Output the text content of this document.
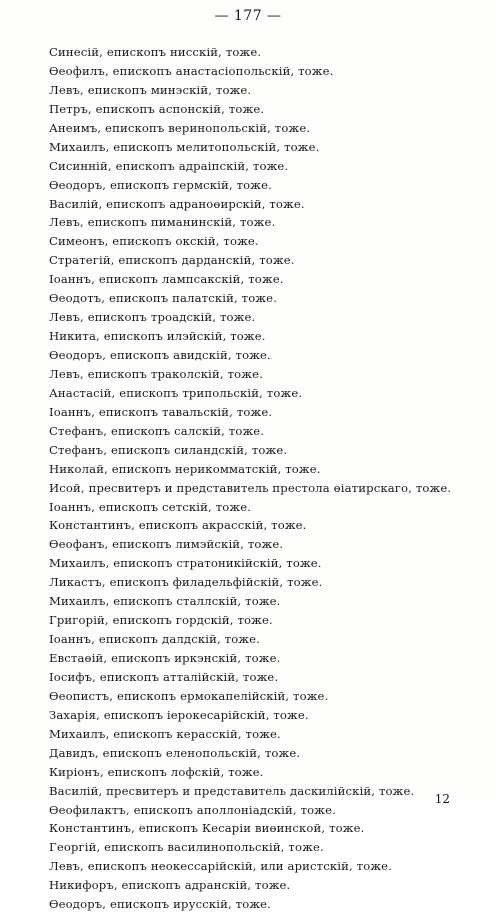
— 177 —
Синесій, епископъ нисскій, тоже.
Өеофилъ, епископъ анастасіопольскій, тоже.
Левъ, епископъ минэскій, тоже.
Петръ, епископъ аспонскій, тоже.
Анеимъ, епископъ веринопольскій, тоже.
Михаилъ, епископъ мелитопольскій, тоже.
Сисинній, епископъ адраіпскій, тоже.
Өеодоръ, епископъ гермскій, тоже.
Василій, епископъ адраноөирскій, тоже.
Левъ, епископъ пиманинскій, тоже.
Симеонъ, епископъ окскій, тоже.
Стратегій, епископъ дарданскій, тоже.
Іоаннъ, епископъ лампсакскій, тоже.
Өеодотъ, епископъ палатскій, тоже.
Левъ, епископъ троадскій, тоже.
Никита, епископъ илэйскій, тоже.
Өеодоръ, епископъ авидскій, тоже.
Левъ, епископъ траколскій, тоже.
Анастасій, епископъ трипольскій, тоже.
Іоаннъ, епископъ тавальскій, тоже.
Стефанъ, епископъ салскій, тоже.
Стефанъ, епископъ силандскій, тоже.
Николай, епископъ нерикомматскій, тоже.
Исой, пресвитеръ и представитель престола өіатирскаго, тоже.
Іоаннъ, епископъ сетскій, тоже.
Константинъ, епископъ акрасскій, тоже.
Өеофанъ, епископъ лимэйскій, тоже.
Михаилъ, епископъ стратоникійскій, тоже.
Ликастъ, епископъ филадельфійскій, тоже.
Михаилъ, епископъ сталлскій, тоже.
Григорій, епископъ гордскій, тоже.
Іоаннъ, епископъ далдскій, тоже.
Евстаөій, епископъ иркэнскій, тоже.
Іосифъ, епископъ атталійскій, тоже.
Өеопистъ, епископъ ермокапелійскій, тоже.
Захарія, епископъ іерокесарійскій, тоже.
Михаилъ, епископъ керасскій, тоже.
Давидъ, епископъ еленопольскій, тоже.
Киріонъ, епископъ лофскій, тоже.
Василій, пресвитеръ и представитель даскилійскій, тоже.
Өеофилактъ, епископъ аполлоніадскій, тоже.
Константинъ, епископъ Кесаріи виөинской, тоже.
Георгій, епископъ василинопольскій, тоже.
Левъ, епископъ неокессарійскій, или аристскій, тоже.
Никифоръ, епископъ адранскій, тоже.
Өеодоръ, епископъ ирусскій, тоже.
12
